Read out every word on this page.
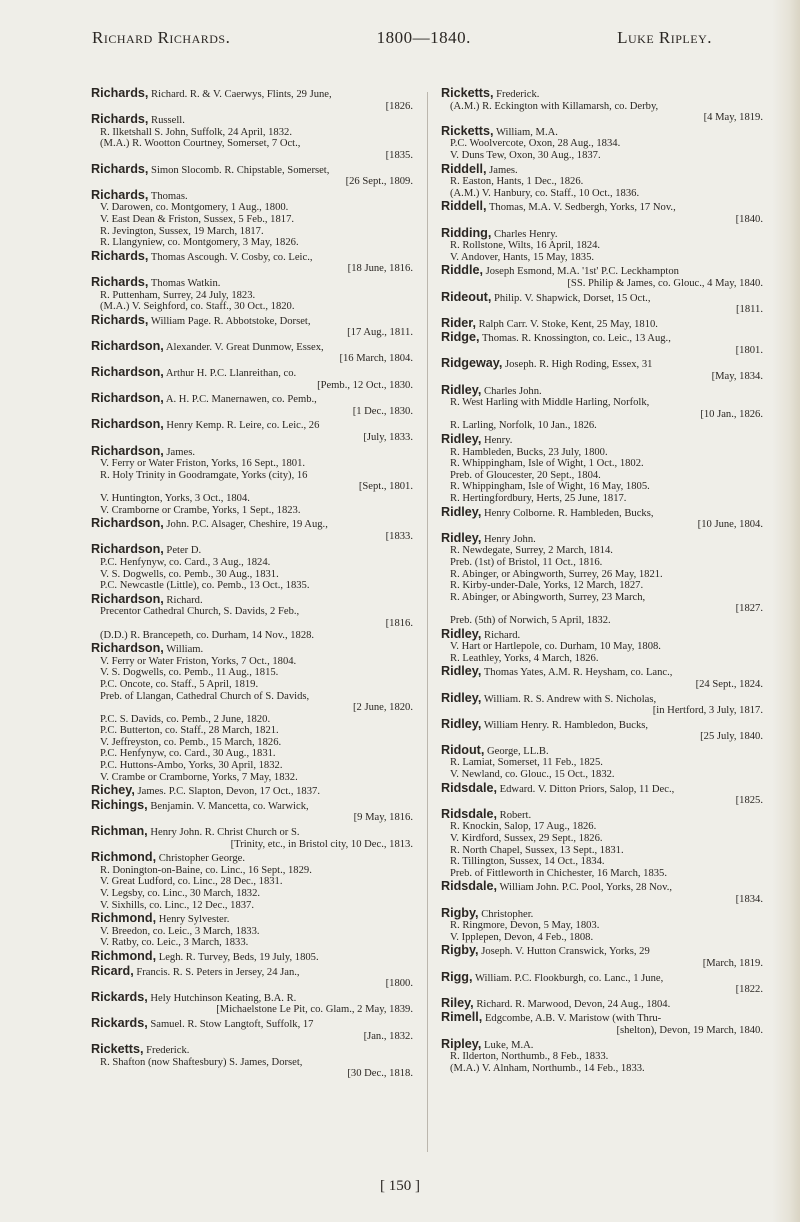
Richard Richards.	1800—1840.	Luke Ripley.
Richards, Richard. R. & V. Caerwys, Flints, 29 June,
[1826.
Richards, Russell.
R. Ilketshall S. John, Suffolk, 24 April, 1832.
(M.A.) R. Wootton Courtney, Somerset, 7 Oct.,
[1835.
Richards, Simon Slocomb. R. Chipstable, Somerset,
[26 Sept., 1809.
Richards, Thomas.
V. Darowen, co. Montgomery, 1 Aug., 1800.
V. East Dean & Friston, Sussex, 5 Feb., 1817.
R. Jevington, Sussex, 19 March, 1817.
R. Llangyniew, co. Montgomery, 3 May, 1826.
Richards, Thomas Ascough. V. Cosby, co. Leic.,
[18 June, 1816.
Richards, Thomas Watkin.
R. Puttenham, Surrey, 24 July, 1823.
(M.A.) V. Seighford, co. Staff., 30 Oct., 1820.
Richards, William Page. R. Abbotstoke, Dorset,
[17 Aug., 1811.
Richardson, Alexander. V. Great Dunmow, Essex,
[16 March, 1804.
Richardson, Arthur H. P.C. Llanreithan, co.
[Pemb., 12 Oct., 1830.
Richardson, A. H. P.C. Manernawen, co. Pemb.,
[1 Dec., 1830.
Richardson, Henry Kemp. R. Leire, co. Leic., 26
[July, 1833.
Richardson, James.
V. Ferry or Water Friston, Yorks, 16 Sept., 1801.
R. Holy Trinity in Goodramgate, Yorks (city), 16
[Sept., 1801.
V. Huntington, Yorks, 3 Oct., 1804.
V. Cramborne or Crambe, Yorks, 1 Sept., 1823.
Richardson, John. P.C. Alsager, Cheshire, 19 Aug.,
[1833.
Richardson, Peter D.
P.C. Henfynyw, co. Card., 3 Aug., 1824.
V. S. Dogwells, co. Pemb., 30 Aug., 1831.
P.C. Newcastle (Little), co. Pemb., 13 Oct., 1835.
Richardson, Richard.
Precentor Cathedral Church, S. Davids, 2 Feb.,
[1816.
(D.D.) R. Brancepeth, co. Durham, 14 Nov., 1828.
Richardson, William.
V. Ferry or Water Friston, Yorks, 7 Oct., 1804.
V. S. Dogwells, co. Pemb., 11 Aug., 1815.
P.C. Oncote, co. Staff., 5 April, 1819.
Preb. of Llangan, Cathedral Church of S. Davids,
[2 June, 1820.
P.C. S. Davids, co. Pemb., 2 June, 1820.
P.C. Butterton, co. Staff., 28 March, 1821.
V. Jeffreyston, co. Pemb., 15 March, 1826.
P.C. Henfynyw, co. Card., 30 Aug., 1831.
P.C. Huttons-Ambo, Yorks, 30 April, 1832.
V. Crambe or Cramborne, Yorks, 7 May, 1832.
Richey, James. P.C. Slapton, Devon, 17 Oct., 1837.
Richings, Benjamin. V. Mancetta, co. Warwick,
[9 May, 1816.
Richman, Henry John. R. Christ Church or S.
[Trinity, etc., in Bristol city, 10 Dec., 1813.
Richmond, Christopher George.
R. Donington-on-Baine, co. Linc., 16 Sept., 1829.
V. Great Ludford, co. Linc., 28 Dec., 1831.
V. Legsby, co. Linc., 30 March, 1832.
V. Sixhills, co. Linc., 12 Dec., 1837.
Richmond, Henry Sylvester.
V. Breedon, co. Leic., 3 March, 1833.
V. Ratby, co. Leic., 3 March, 1833.
Richmond, Legh. R. Turvey, Beds, 19 July, 1805.
Ricard, Francis. R. S. Peters in Jersey, 24 Jan.,
[1800.
Rickards, Hely Hutchinson Keating, B.A. R.
[Michaelstone Le Pit, co. Glam., 2 May, 1839.
Rickards, Samuel. R. Stow Langtoft, Suffolk, 17
[Jan., 1832.
Ricketts, Frederick.
R. Shafton (now Shaftesbury) S. James, Dorset,
[30 Dec., 1818.
Ricketts, Frederick.
(A.M.) R. Eckington with Killamarsh, co. Derby,
[4 May, 1819.
Ricketts, William, M.A.
P.C. Woolvercote, Oxon, 28 Aug., 1834.
V. Duns Tew, Oxon, 30 Aug., 1837.
Riddell, James.
R. Easton, Hants, 1 Dec., 1826.
(A.M.) V. Hanbury, co. Staff., 10 Oct., 1836.
Riddell, Thomas, M.A. V. Sedbergh, Yorks, 17 Nov.,
[1840.
Ridding, Charles Henry.
R. Rollstone, Wilts, 16 April, 1824.
V. Andover, Hants, 15 May, 1835.
Riddle, Joseph Esmond, M.A. '1st' P.C. Leckhampton
[SS. Philip & James, co. Glouc., 4 May, 1840.
Rideout, Philip. V. Shapwick, Dorset, 15 Oct.,
[1811.
Rider, Ralph Carr. V. Stoke, Kent, 25 May, 1810.
Ridge, Thomas. R. Knossington, co. Leic., 13 Aug.,
[1801.
Ridgeway, Joseph. R. High Roding, Essex, 31
[May, 1834.
Ridley, Charles John.
R. West Harling with Middle Harling, Norfolk,
[10 Jan., 1826.
R. Larling, Norfolk, 10 Jan., 1826.
Ridley, Henry.
R. Hambleden, Bucks, 23 July, 1800.
R. Whippingham, Isle of Wight, 1 Oct., 1802.
Preb. of Gloucester, 20 Sept., 1804.
R. Whippingham, Isle of Wight, 16 May, 1805.
R. Hertingfordbury, Herts, 25 June, 1817.
Ridley, Henry Colborne. R. Hambleden, Bucks,
[10 June, 1804.
Ridley, Henry John.
R. Newdegate, Surrey, 2 March, 1814.
Preb. (1st) of Bristol, 11 Oct., 1816.
R. Abinger, or Abingworth, Surrey, 26 May, 1821.
R. Kirby-under-Dale, Yorks, 12 March, 1827.
R. Abinger, or Abingworth, Surrey, 23 March,
[1827.
Preb. (5th) of Norwich, 5 April, 1832.
Ridley, Richard.
V. Hart or Hartlepole, co. Durham, 10 May, 1808.
R. Leathley, Yorks, 4 March, 1826.
Ridley, Thomas Yates, A.M. R. Heysham, co. Lanc.,
[24 Sept., 1824.
Ridley, William. R. S. Andrew with S. Nicholas,
[in Hertford, 3 July, 1817.
Ridley, William Henry. R. Hambledon, Bucks,
[25 July, 1840.
Ridout, George, LL.B.
R. Lamiat, Somerset, 11 Feb., 1825.
V. Newland, co. Glouc., 15 Oct., 1832.
Ridsdale, Edward. V. Ditton Priors, Salop, 11 Dec.,
[1825.
Ridsdale, Robert.
R. Knockin, Salop, 17 Aug., 1826.
V. Kirdford, Sussex, 29 Sept., 1826.
R. North Chapel, Sussex, 13 Sept., 1831.
R. Tillington, Sussex, 14 Oct., 1834.
Preb. of Fittleworth in Chichester, 16 March, 1835.
Ridsdale, William John. P.C. Pool, Yorks, 28 Nov.,
[1834.
Rigby, Christopher.
R. Ringmore, Devon, 5 May, 1803.
V. Ipplepen, Devon, 4 Feb., 1808.
Rigby, Joseph. V. Hutton Cranswick, Yorks, 29
[March, 1819.
Rigg, William. P.C. Flookburgh, co. Lanc., 1 June,
[1822.
Riley, Richard. R. Marwood, Devon, 24 Aug., 1804.
Rimell, Edgcombe, A.B. V. Maristow (with Thru-
[shelton), Devon, 19 March, 1840.
Ripley, Luke, M.A.
R. Ilderton, Northumb., 8 Feb., 1833.
(M.A.) V. Alnham, Northumb., 14 Feb., 1833.
[ 150 ]
